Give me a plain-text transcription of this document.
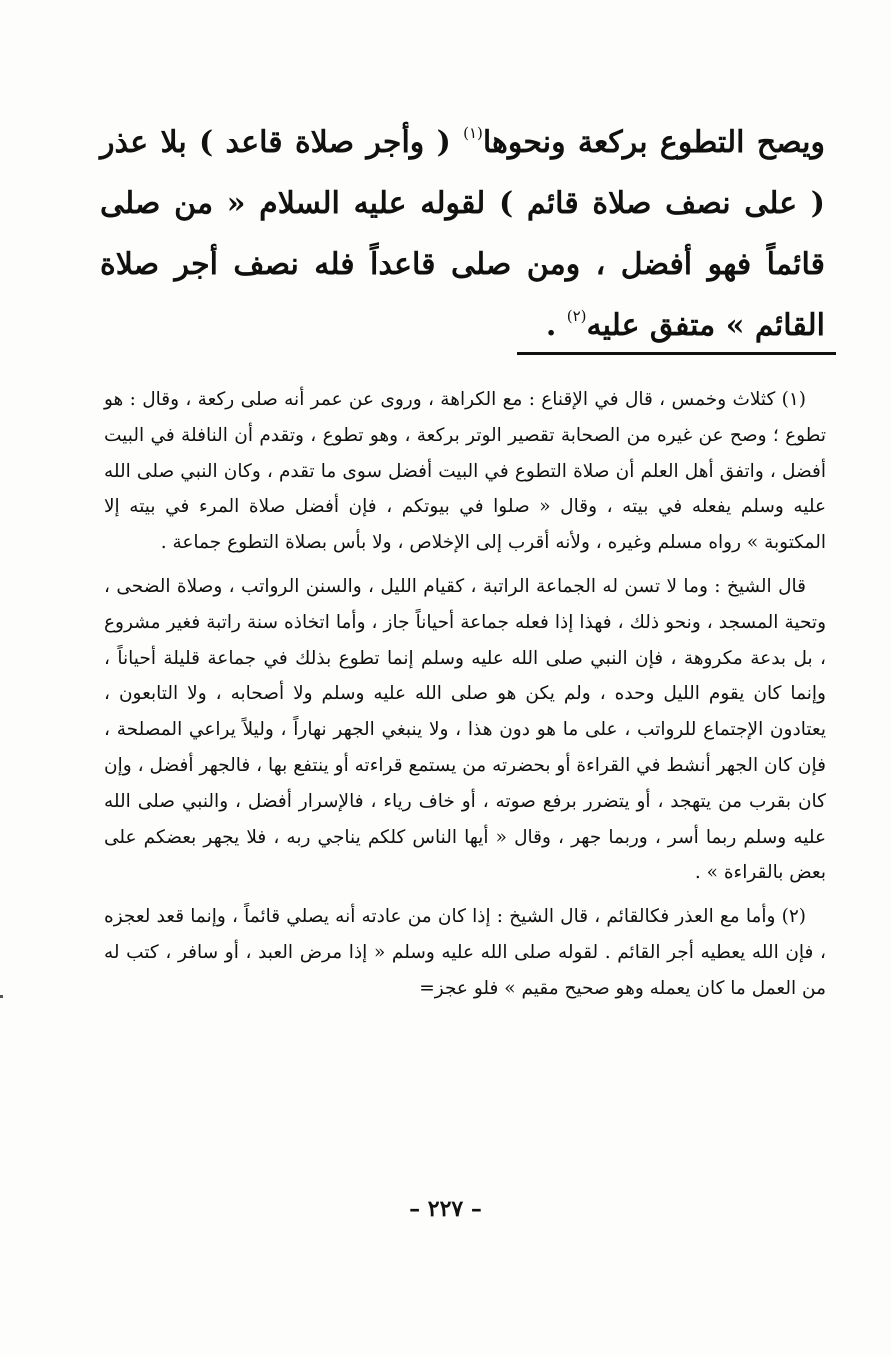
ويصح التطوع بركعة ونحوها$^{(١)}$ ( وأجر صلاة قاعد ) بلا عذر ( على نصف صلاة قائم ) لقوله عليه السلام « من صلى قائماً فهو أفضل ، ومن صلى قاعداً فله نصف أجر صلاة القائم » متفق عليه$^{(٢)}$ .

(١) كثلاث وخمس ، قال في الإقناع : مع الكراهة ، وروى عن عمر أنه صلى ركعة ، وقال : هو تطوع ؛ وصح عن غيره من الصحابة تقصير الوتر بركعة ، وهو تطوع ، وتقدم أن النافلة في البيت أفضل ، واتفق أهل العلم أن صلاة التطوع في البيت أفضل سوى ما تقدم ، وكان النبي صلى الله عليه وسلم يفعله في بيته ، وقال « صلوا في بيوتكم ، فإن أفضل صلاة المرء في بيته إلا المكتوبة » رواه مسلم وغيره ، ولأنه أقرب إلى الإخلاص ، ولا بأس بصلاة التطوع جماعة .

قال الشيخ : وما لا تسن له الجماعة الراتبة ، كقيام الليل ، والسنن الرواتب ، وصلاة الضحى ، وتحية المسجد ، ونحو ذلك ، فهذا إذا فعله جماعة أحياناً جاز ، وأما اتخاذه سنة راتبة فغير مشروع ، بل بدعة مكروهة ، فإن النبي صلى الله عليه وسلم إنما تطوع بذلك في جماعة قليلة أحياناً ، وإنما كان يقوم الليل وحده ، ولم يكن هو صلى الله عليه وسلم ولا أصحابه ، ولا التابعون ، يعتادون الإجتماع للرواتب ، على ما هو دون هذا ، ولا ينبغي الجهر نهاراً ، وليلاً يراعي المصلحة ، فإن كان الجهر أنشط في القراءة أو بحضرته من يستمع قراءته أو ينتفع بها ، فالجهر أفضل ، وإن كان بقرب من يتهجد ، أو يتضرر برفع صوته ، أو خاف رياء ، فالإسرار أفضل ، والنبي صلى الله عليه وسلم ربما أسر ، وربما جهر ، وقال « أيها الناس كلكم يناجي ربه ، فلا يجهر بعضكم على بعض بالقراءة » .

(٢) وأما مع العذر فكالقائم ، قال الشيخ : إذا كان من عادته أنه يصلي قائماً ، وإنما قعد لعجزه ، فإن الله يعطيه أجر القائم . لقوله صلى الله عليه وسلم « إذا مرض العبد ، أو سافر ، كتب له من العمل ما كان يعمله وهو صحيح مقيم » فلو عجز=

– ٢٢٧ –
